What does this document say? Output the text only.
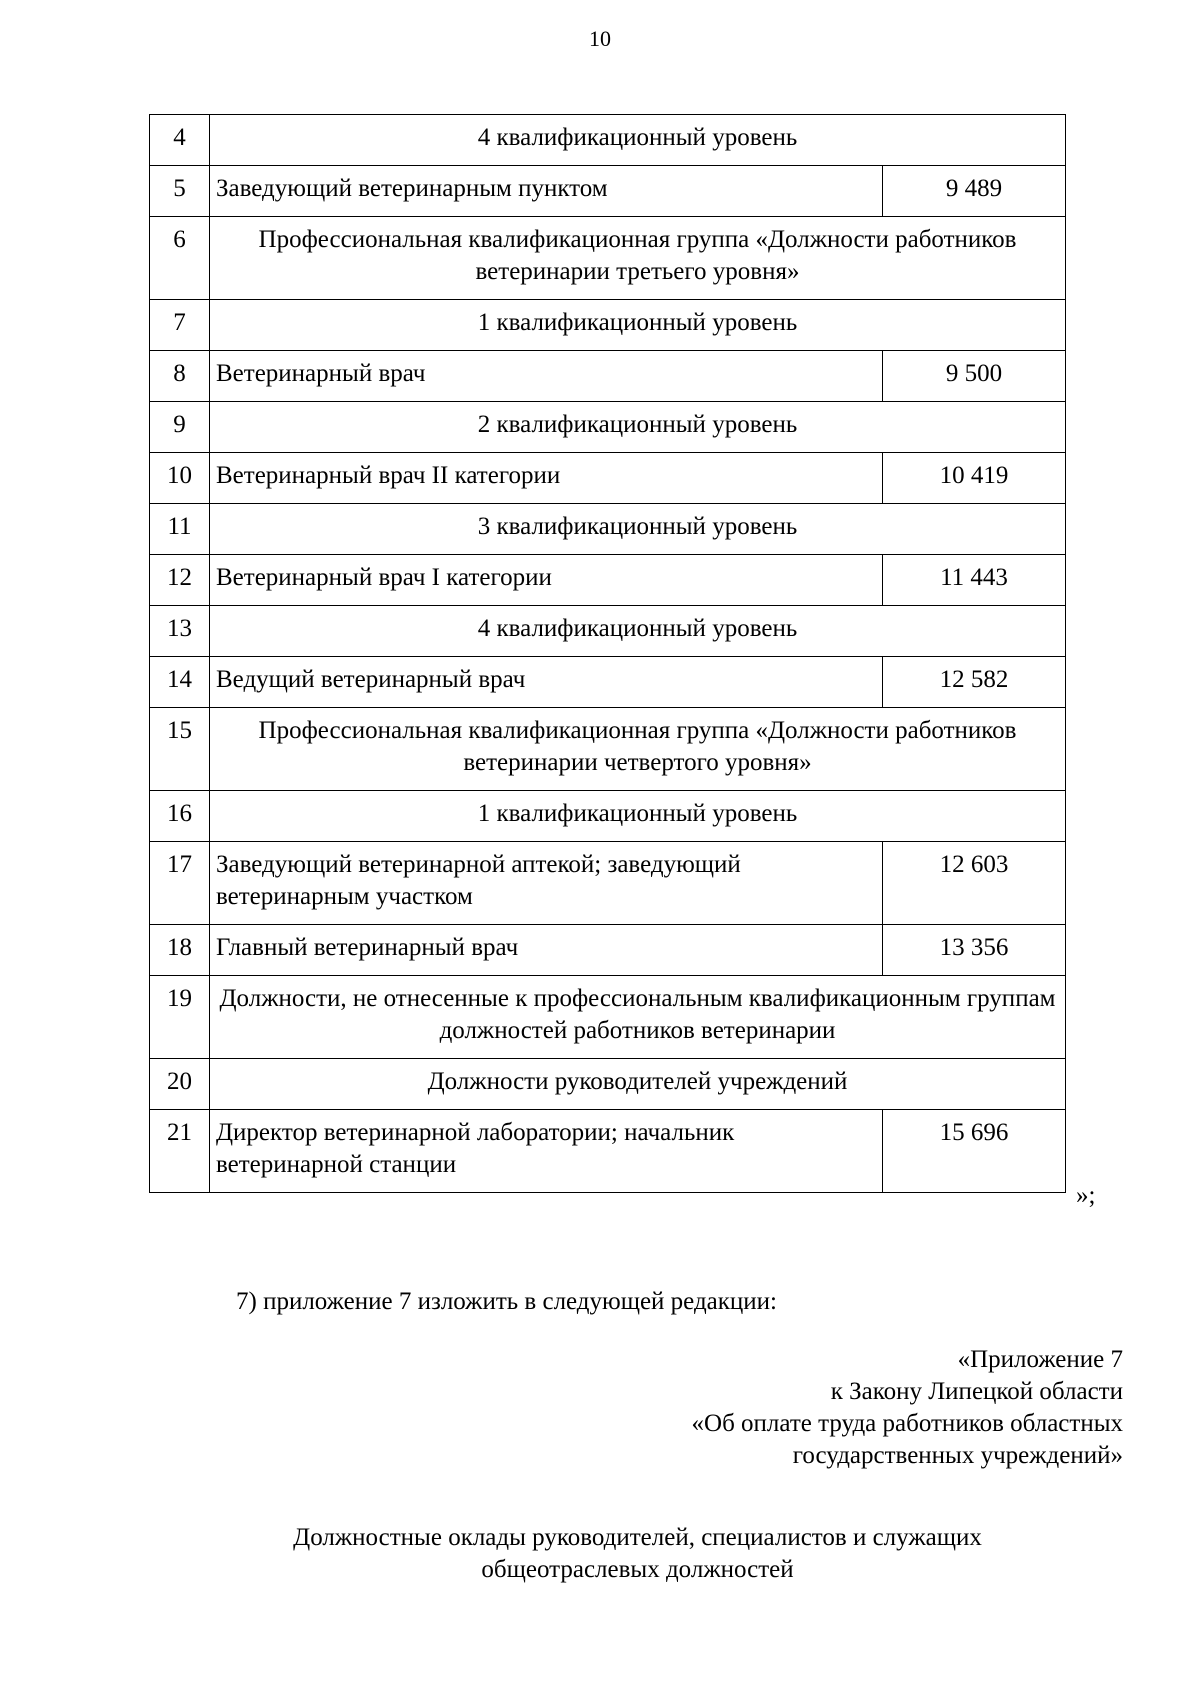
10
4	4 квалификационный уровень	
5	Заведующий ветеринарным пунктом	9 489
6	Профессиональная квалификационная группа «Должности работников ветеринарии третьего уровня»	
7	1 квалификационный уровень	
8	Ветеринарный врач	9 500
9	2 квалификационный уровень	
10	Ветеринарный врач II категории	10 419
11	3 квалификационный уровень	
12	Ветеринарный врач I категории	11 443
13	4 квалификационный уровень	
14	Ведущий ветеринарный врач	12 582
15	Профессиональная квалификационная группа «Должности работников ветеринарии четвертого уровня»	
16	1 квалификационный уровень	
17	Заведующий ветеринарной аптекой; заведующий ветеринарным участком	12 603
18	Главный ветеринарный врач	13 356
19	Должности, не отнесенные к профессиональным квалификационным группам должностей работников ветеринарии	
20	Должности руководителей учреждений	
21	Директор ветеринарной лаборатории; начальник ветеринарной станции	15 696
»;
7) приложение 7 изложить в следующей редакции:
«Приложение 7
к Закону Липецкой области
«Об оплате труда работников областных
государственных учреждений»
Должностные оклады руководителей, специалистов и служащих
общеотраслевых должностей
